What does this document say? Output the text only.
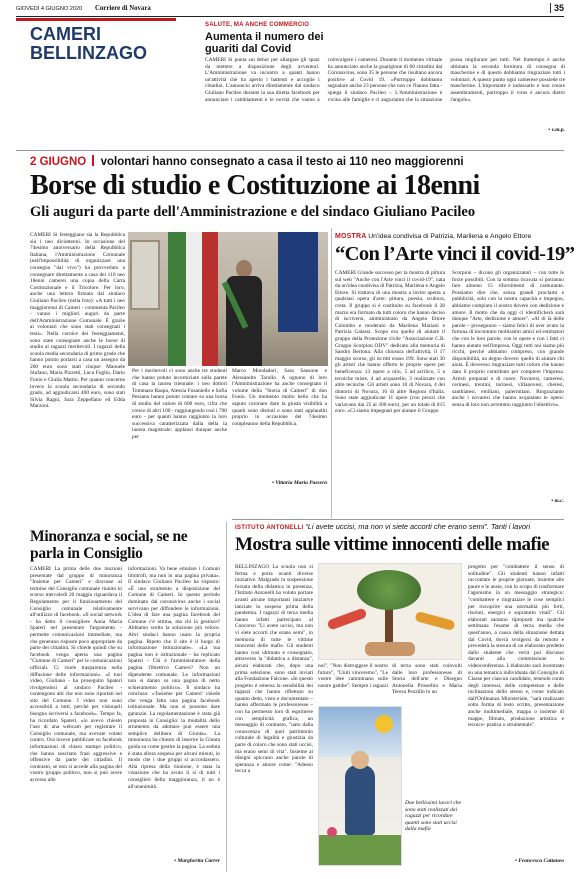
GIOVEDÌ 4 GIUGNO 2020 Corriere di Novara	35
CAMERI
BELLINZAGO
SALUTE, MA ANCHE COMMERCIO
Aumenta il numero dei guariti dal Covid
CAMERI Si punta sui dehor per allargare gli spazi da mettere a disposizione degli avventori. L'Amministrazione va incontro a quanti hanno un'attività che ha aperto i battenti e accoglie i cittadini. L'annuncio arriva direttamente dal sindaco Giuliano Pacileo durante la sua diretta facebook per annunciare i cambiamenti e le novità che vanno a coinvolgere i cameresi. Durante il momento virtuale ha annunciato anche la guarigione di 60 cittadini dal Coronavirus, sono 35 le persone che risultano ancora positive al Covid 19. «Purtroppo dobbiamo segnalare anche 23 persone che non ce l'hanno fatta - spiega il sindaco Pacileo -. L'Amministrazione è vicina alle famiglie e ci auguriamo che la situazione possa migliorare per tutti. Nel frattempo è anche ultimata la seconda fornitura di consegna di mascherine e di questo dobbiamo ringraziare tutti i volontari. A questo punto ogni camerese possiede tre mascherine. L'importante è indossarle e non creare assembramenti, purtroppo il virus è ancora dietro l'angolo».
• v.m.p.
2 GIUGNO volontari hanno consegnato a casa il testo ai 110 neo maggiorenni
Borse di studio e Costituzione ai 18enni
Gli auguri da parte dell'Amministrazione e del sindaco Giuliano Pacileo
CAMERI Si festeggiano sia la Repubblica sia i neo diciottenni. In occasione del 74esimo anniversario della Repubblica Italiana, l'Amministrazione Comunale (nell'impossibilità di organizzare una consegna "dal vivo") ha provveduto a consegnare direttamente a casa dei 110 neo 18enni camerei una copia della Carta Costituzionale e il Tricolore. Per loro, anche una lettera firmata dal sindaco Giuliano Pacileo (nella foto): «A tutti i neo maggiorenni di Cameri - commenta Pacileo - vanno i migliori auguri da parte dell'Amministrazione Comunale. È grazie ai volontari che sono stati consegnati i testi». Nella cornice dei festeggiamenti, sono state consegnate anche le borse di studio ai ragazzi meritevoli. I ragazzi della scuola media secondaria di primo grado che hanno potuto portarsi a casa un assegno da 200 euro sono stati cinque: Manuele Stufano, Maria Pizzetti, Luca Foglio, Dario Fonio e Giulia Mattio. Per quanto concerne invece la scuola secondaria di secondo grado, ad aggiudicarsi 400 euro, sono stati Silvia Ragni, Sara Zeppellano ed Edda Marzoni.
Per i meritevoli ci sono anche tre studenti che hanno potuto incorniciare sulla parete di casa la laurea triennale: i neo dottori Tommaso Raspa, Alessia Fusaniello e Sofia Pessano hanno potuto contare su una borsa di studio del valore di 600 euro, cifra che cresce di altri 100 - raggiungendo così i 700 euro - per quanti hanno raggiunto la loro successiva caratterizzata dalla della la laurea magistrale: applausi dunque anche per
Marco Mondadori, Sara Sansone e Alessandro Tarullo. A ognuno di loro l'Amministrazione ha anche consegnato il volume della "Storia di Cameri" di don Fonio. Un momento molto bello che ha saputo coronare dare la giusta visibilità a quanti sono distinti e sono stati applauditi proprio in occasione del 74esimo compleanno della Repubblica.
• Vittoria Maria Passera
MOSTRA Un'idea condivisa di Patrizia, Marilena e Angelo Ettore
“Con l’Arte vinci il covid-19”
CAMERI Grande successo per la mostra di pittura sul web "Anche con l'Arte vinci il covid-19", nata da un'idea condivisa di Patrizia, Marilena e Angelo Ettore. Si trattava di una mostra a invito aperta a qualsiasi opera d'arte: pittura, poesia, scultura, creta. Il gruppo si è costituito su facebook il 28 marzo era formato da tutti coloro che hanno deciso di iscriversi, amministrato da Angelo Ettore Colombo e moderato da Marilena Mariani e Patrizia Galassi. Scopo era quello di aiutare il gruppo della Protezione civile "Associazione C.B. Gruppo Scorpion ODV" dedicato alla memoria di Sandro Bertona. Alla chiusura dell'attività, il 17 maggio scorso, gli iscritti erano 199. Sono stati 30 gli artisti che hanno offerto le proprie opere per beneficenza: 13 opere a olio, 5 ad acrilico, 5 a tecniche miste, 4 ad acquarello, 3 realizzate con altre tecniche. Gli artisti sono 10 di Novara, 4 dei dintorni di Novara, 16 di altre Regioni d'Italia. Sono state aggiudicate 11 opere (con prezzi che variavano dai 25 ai 300 euro), per un totale di 815 euro. «Ci siamo impegnati per aiutare il Gruppo
Scorpion – dicono gli organizzatori – con tutte le forze possibili. Con la somma ricavata si potranno fare almeno 15 rifornimenti di carburante. Possiamo dire che, senza grandi proclami e pubblicità, solo con la nostra capacità e impegno, abbiamo compiuto il nostro dovere con dedizione e amore. Il motto che da oggi ci identificherà sarà dunque "Arte, dedizione e amore". «Al di là delle parole – proseguono – siamo felici di aver avuto la fortuna di incontrare moltissimi amici ed estimatori che con le loro parole, con le opere e con i fatti ci hanno aiutato nell'impresa. Oggi tutti noi siamo più ricchi, perché abbiamo compreso, con grande disponibilità, un degno dovere: quello di aiutare chi aiuta. È doveroso ringraziare tutti coloro che hanno dato il proprio contributo per compiere l'impresa. Artisti preparati e di cuore. Novaresi, cameresi, cerinesi, trentini, torinesi, villanovesi, cheresi, santhiatesi, emiliani, palermitani. Ringraziamo anche i novaresi che hanno acquistato le opere: senza di loro non avremmo raggiunto l'obiettivo».
• m.c.
Minoranza e social, se ne parla in Consiglio
CAMERI La prima delle due mozioni presentate dal gruppo di minoranza "Insieme per Cameri" e discusse al termine del Consiglio comunale riunito lo scorso mercoledì 20 maggio riguardava il Regolamento per il funzionamento del Consiglio comunale relativamente all'utilizzo di facebook. «Il social network - ha detto il consigliere Anna Maria Spateri nel presentare l'argomento - permette comunicazioni immediate, ma che generano risposte poco appropriate da parte dei cittadini. Si chiede quindi che su facebook venga aperta una pagina "Comune di Cameri" per le comunicazioni ufficiali. Ci vuole trasparenza nella diffusione delle informazioni». «I tuoi video, Giuliano - ha proseguito Spateri rivolgendosi al sindaco Pacileo - contengono atti che non sono riportati nel sito del Comune. I video non sono accessibili a tutti, perché per visionarli bisogna iscriversi a facebook». Tempo fa, ha ricordato Spateri, «io avevo chiesto l'uso di una webcam per registrare il Consiglio comunale, ma avevate votato contro. Ora invece pubblicate su facebook informazioni di chiaro stampo politico, che hanno suscitato frasi aggressive e offensive da parte dei cittadini. Il contrasto, se non si accede alla pagina del vostro gruppo politico, non si può avere accesso alle
informazioni. Va bene emulare i Comuni limitrofi, ma non in una pagina privata». Il sindaco Giuliano Pacileo ha risposto: «È uno strumento a disposizione del Comune di Cameri. In questo periodo dominato dal coronavirus anche i social servivano per diffondere le informazioni. L'idea di fare una pagina facebook del Comune c'è ottima, ma chi la gestisce? Abbiamo scelto la soluzione più veloce. Altri sindaci hanno usato la propria pagina. Ripeto che il sito è il luogo di informazione istituzionale». «La tua pagina non è istituzionale - ha replicato Spateri - Chi è l'amministratore della pagina Obiettivo Cameri? Non un dipendente comunale. Le informazioni non si danno su una pagina di netto schieramento politico». Il sindaco ha concluso: «'Insieme per Cameri' chiede che venga fatta una pagina facebook istituzionale. Ma non si possono dare garanzie. La regolamentazione è stata già proposta in Consiglio: la modalità dello strumento da adottare può essere una semplice delibera di Giunta». La minoranza ha chiesto di inserire la Giunta guida su come gestire la pagina. La seduta è stata allora sospesa per alcuni minuti, in modo che i due gruppi si accordassero. Alla ripresa della riunione, è stata la votazione che ha avuto il sì di tutti i consiglieri della maggioranza, il no è all'unanimità.
• Margherita Carrer
ISTITUTO ANTONELLI “Li avete uccisi, ma non vi siete accorti che erano semi”. Tanti i lavori
Mostra sulle vittime innocenti delle mafie
BELLINZAGO La scuola non si ferma e porta avanti diverse iniziative. Malgrado la sospensione forzata della didattica in presenza, l'Istituto Antonelli ha voluto portare avanti alcune importanti iniziative lanciate in sospeso prima della pandemia. I ragazzi di terza media hanno infatti partecipato al Concorso "Li avete uccisi, ma non vi siete accorti che erano semi", in memoria di tutte le vittime innocenti delle mafie. Gli studenti hanno così ultimato e consegnato, attraverso la "didattica a distanza", alcuni elaborati che, dopo una prima selezione, sono stati inviati alla Fondazione Falcone. «In questo progetto è emersa la sensibilità dei ragazzi che hanno riflettuto su quanto detto, visto e documentato – hanno affermato le professoresse – con ha permesso loro di esprimere con semplicità grafica, un messaggio di contrasto, "nato dalla conoscenza di quel patrimonio culturale di legalità e giustizia da parte di coloro che sono stati uccisi, ma erano semi di vita". Insieme ai disegni spiccano anche parole di speranza e amore come: "Adesso tocca a
noi", "Non distruggere il nostro futuro", "Uniti vinceremo", "Le vostre idee camminano sulle nostre gambe". Sempre i ragazzi
di terza sono stati coinvolti dalle loro professoresse di Storia dell'arte e Disegno Antonella Proserbio e Maria Teresa Pezzillo in un
Due bellissimi lavori che sono stati realizzati dai ragazzi per ricordare quanti sono stati uccisi dalla mafia
progetto per "combattere il senso di solitudine". Gli studenti hanno infatti raccontato le proprie giornate, insieme alle paure e le ansie, con lo scopo di trasformare l'agonismo in un messaggio strategico: "combattere e ringraziare le cose semplici per riscoprire una normalità più forti, risoluti, energici e sopratutto vitali". Gli elaborati saranno riproposti ma qualche settimana l'esame di terza media che quest'anno, a causa della situazione dettata dal Covid, dovrà svolgersi da remoto e prevederà la stesura di un elaborato predetto dallo studente che verrà poi discusso davanti alla commissione in videoconferenza. L'elaborato sarà incentrato su una tematica individuata dal Consiglio di Classe per ciascun candidato, tenendo conto degli interessi, delle competenze e delle inclinazioni dello stesso e, come indicato dall'Ordinanza Ministeriale, "sarà realizzato sotto forma di testo scritto, presentazione anche multimediale, mappa o insieme di mappe, filmato, produzione artistica e tecnico- pratica o strumentale".
• Francesca Cattaneo
